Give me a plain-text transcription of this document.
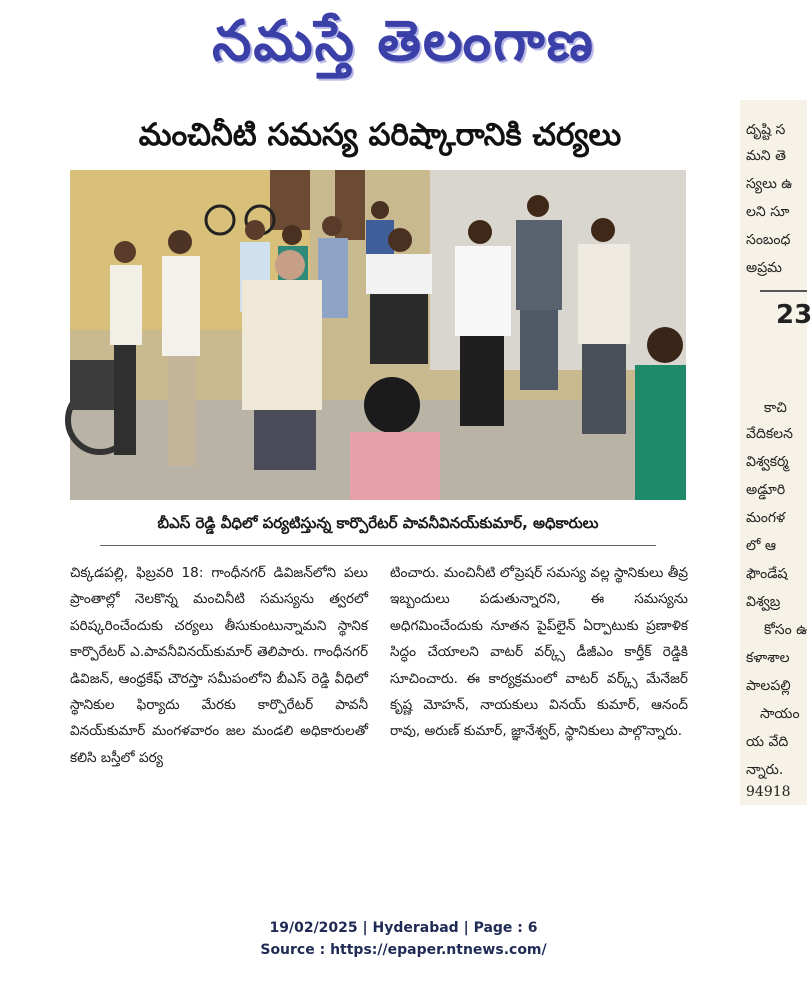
నమస్తే తెలంగాణ
మంచినీటి సమస్య పరిష్కారానికి చర్యలు
బీఎస్ రెడ్డి వీధిలో పర్యటిస్తున్న కార్పొరేటర్ పావనీవినయ్‌కుమార్, అధికారులు

చిక్కడపల్లి, ఫిబ్రవరి 18: గాంధీనగర్ డివిజన్‌లోని పలు ప్రాంతాల్లో నెలకొన్న మంచినీటి సమస్యను త్వరలో పరిష్కరించేందుకు చర్యలు తీసుకుంటున్నామని స్థానిక కార్పొరేటర్ ఎ.పావనీవినయ్‌కుమార్ తెలిపారు. గాంధీనగర్ డివిజన్, ఆంధ్రకేఫ్ చౌరస్తా సమీపంలోని బీఎస్ రెడ్డి వీధిలో స్థానికుల ఫిర్యాదు మేరకు కార్పొరేటర్ పావనీ వినయ్‌కుమార్ మంగళవారం జల మండలి అధికారులతో కలిసి బస్తీలో పర్య

టించారు. మంచినీటి లోప్రెషర్ సమస్య వల్ల స్థానికులు తీవ్ర ఇబ్బందులు పడుతున్నారని, ఈ సమస్యను అధిగమించేందుకు నూతన పైప్‌లైన్ ఏర్పాటుకు ప్రణాళిక సిద్ధం చేయాలని వాటర్ వర్క్స్ డీజీఎం కార్తీక్ రెడ్డికి సూచించారు. ఈ కార్యక్రమంలో వాటర్ వర్క్స్ మేనేజర్ కృష్ణ మోహన్, నాయకులు వినయ్ కుమార్, ఆనంద్ రావు, అరుణ్ కుమార్, జ్ఞానేశ్వర్, స్థానికులు పాల్గొన్నారు.

దృష్టి స
మని తె
స్యలు ఉ
లని సూ
సంబంధ
అప్రమ
23
కాచి
వేదికలన
విశ్వకర్మ
అడ్డూరి
మంగళ
లో ఆ
ఫౌండేష
విశ్వబ్ర
కోసం ఉ
కళాశాల
పాలపల్లి
సాయం
య వేది
న్నారు.
94918
19/02/2025 | Hyderabad | Page : 6
Source : https://epaper.ntnews.com/
